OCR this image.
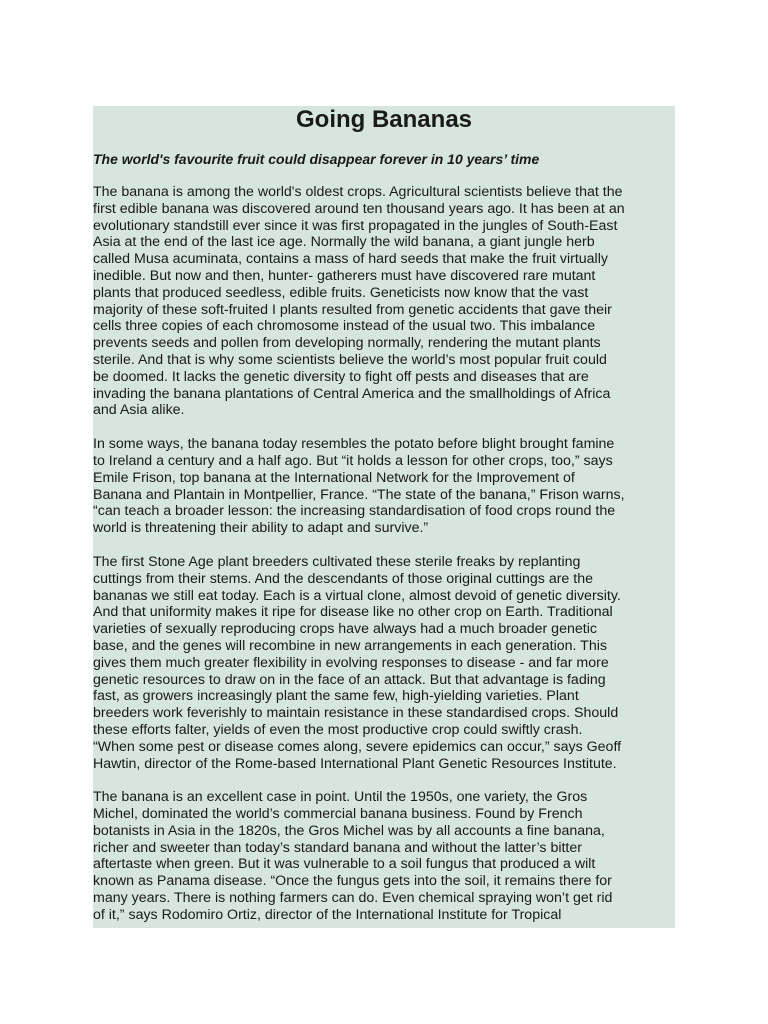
Going Bananas

The world's favourite fruit could disappear forever in 10 years’ time

The banana is among the world's oldest crops. Agricultural scientists believe that the
first edible banana was discovered around ten thousand years ago. It has been at an
evolutionary standstill ever since it was first propagated in the jungles of South-East
Asia at the end of the last ice age. Normally the wild banana, a giant jungle herb
called Musa acuminata, contains a mass of hard seeds that make the fruit virtually
inedible. But now and then, hunter- gatherers must have discovered rare mutant
plants that produced seedless, edible fruits. Geneticists now know that the vast
majority of these soft-fruited I plants resulted from genetic accidents that gave their
cells three copies of each chromosome instead of the usual two. This imbalance
prevents seeds and pollen from developing normally, rendering the mutant plants
sterile. And that is why some scientists believe the world’s most popular fruit could
be doomed. It lacks the genetic diversity to fight off pests and diseases that are
invading the banana plantations of Central America and the smallholdings of Africa
and Asia alike.

In some ways, the banana today resembles the potato before blight brought famine
to Ireland a century and a half ago. But “it holds a lesson for other crops, too,” says
Emile Frison, top banana at the International Network for the Improvement of
Banana and Plantain in Montpellier, France. “The state of the banana,” Frison warns,
“can teach a broader lesson: the increasing standardisation of food crops round the
world is threatening their ability to adapt and survive.”

The first Stone Age plant breeders cultivated these sterile freaks by replanting
cuttings from their stems. And the descendants of those original cuttings are the
bananas we still eat today. Each is a virtual clone, almost devoid of genetic diversity.
And that uniformity makes it ripe for disease like no other crop on Earth. Traditional
varieties of sexually reproducing crops have always had a much broader genetic
base, and the genes will recombine in new arrangements in each generation. This
gives them much greater flexibility in evolving responses to disease - and far more
genetic resources to draw on in the face of an attack. But that advantage is fading
fast, as growers increasingly plant the same few, high-yielding varieties. Plant
breeders work feverishly to maintain resistance in these standardised crops. Should
these efforts falter, yields of even the most productive crop could swiftly crash.
“When some pest or disease comes along, severe epidemics can occur,” says Geoff
Hawtin, director of the Rome-based International Plant Genetic Resources Institute.

The banana is an excellent case in point. Until the 1950s, one variety, the Gros
Michel, dominated the world’s commercial banana business. Found by French
botanists in Asia in the 1820s, the Gros Michel was by all accounts a fine banana,
richer and sweeter than today’s standard banana and without the latter’s bitter
aftertaste when green. But it was vulnerable to a soil fungus that produced a wilt
known as Panama disease. “Once the fungus gets into the soil, it remains there for
many years. There is nothing farmers can do. Even chemical spraying won’t get rid
of it,” says Rodomiro Ortiz, director of the International Institute for Tropical
